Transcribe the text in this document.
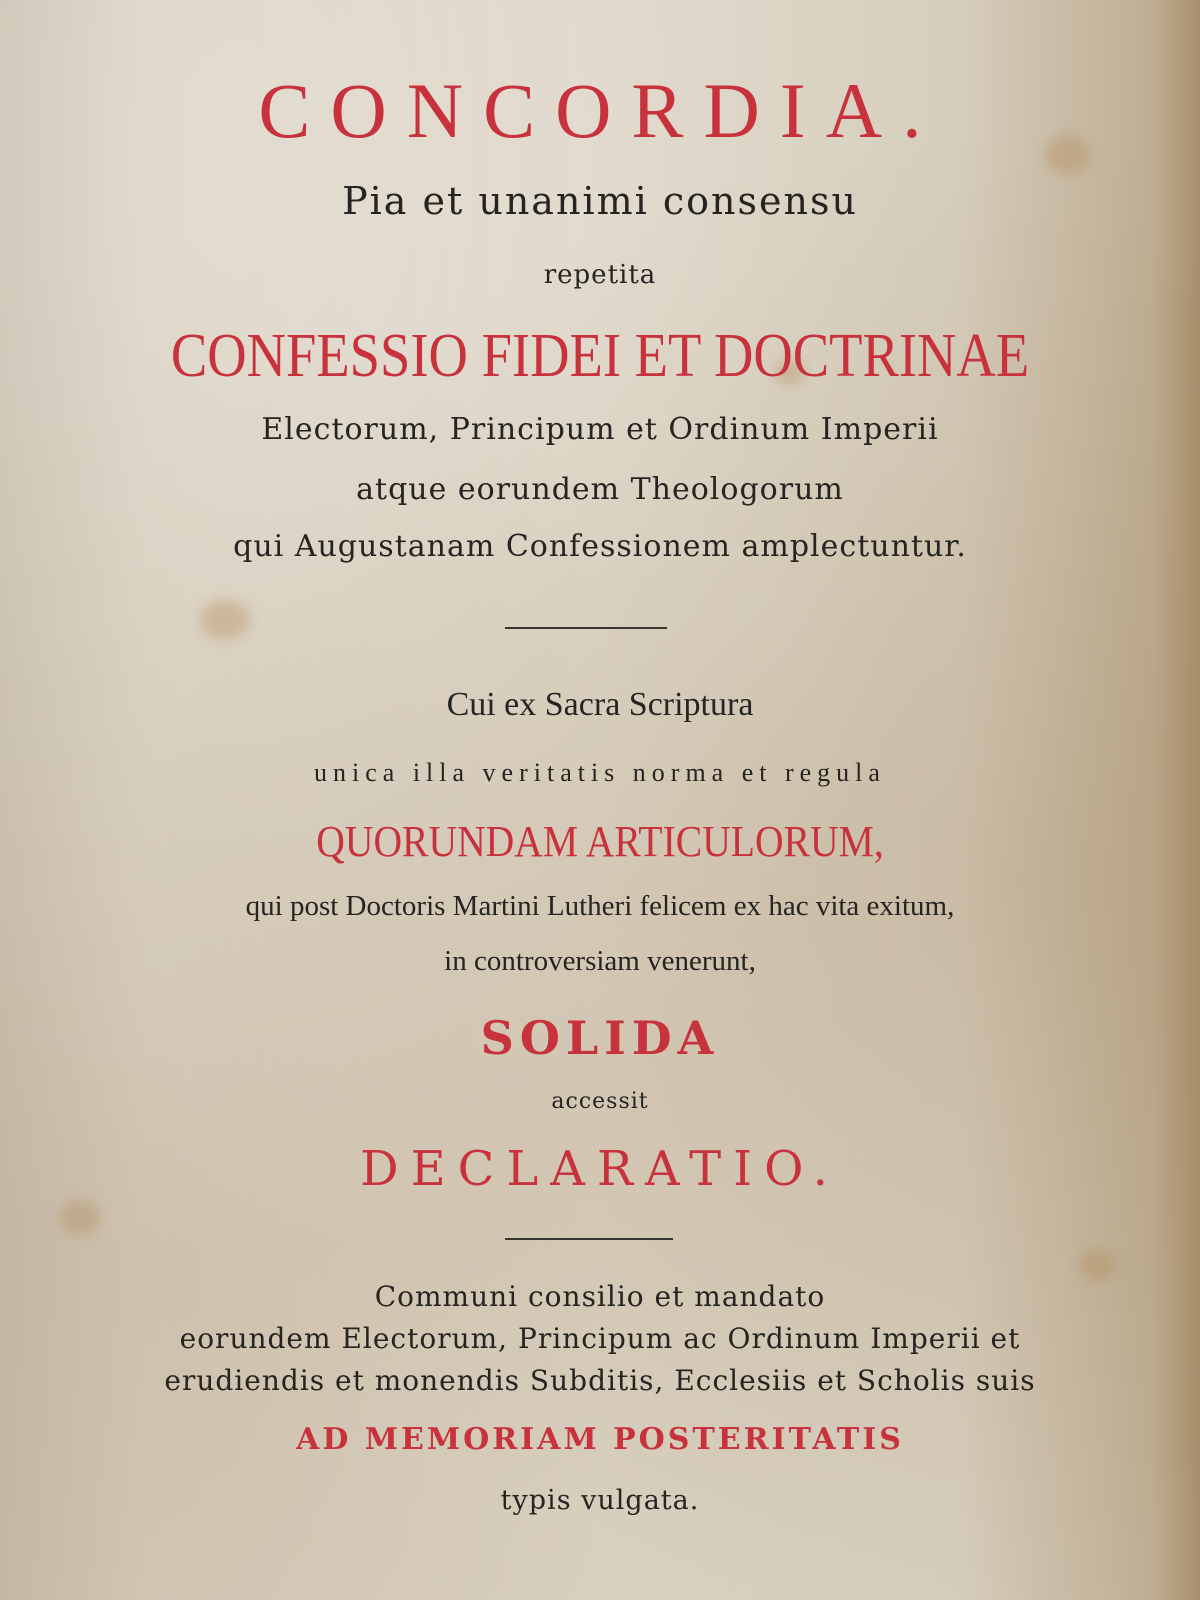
CONCORDIA.
Pia et unanimi consensu
repetita
CONFESSIO FIDEI ET DOCTRINAE
Electorum, Principum et Ordinum Imperii
atque eorundem Theologorum
qui Augustanam Confessionem amplectuntur.
Cui ex Sacra Scriptura
unica illa veritatis norma et regula
QUORUNDAM ARTICULORUM,
qui post Doctoris Martini Lutheri felicem ex hac vita exitum,
in controversiam venerunt,
SOLIDA
accessit
DECLARATIO.
Communi consilio et mandato
eorundem Electorum, Principum ac Ordinum Imperii et
erudiendis et monendis Subditis, Ecclesiis et Scholis suis
AD MEMORIAM POSTERITATIS
typis vulgata.
